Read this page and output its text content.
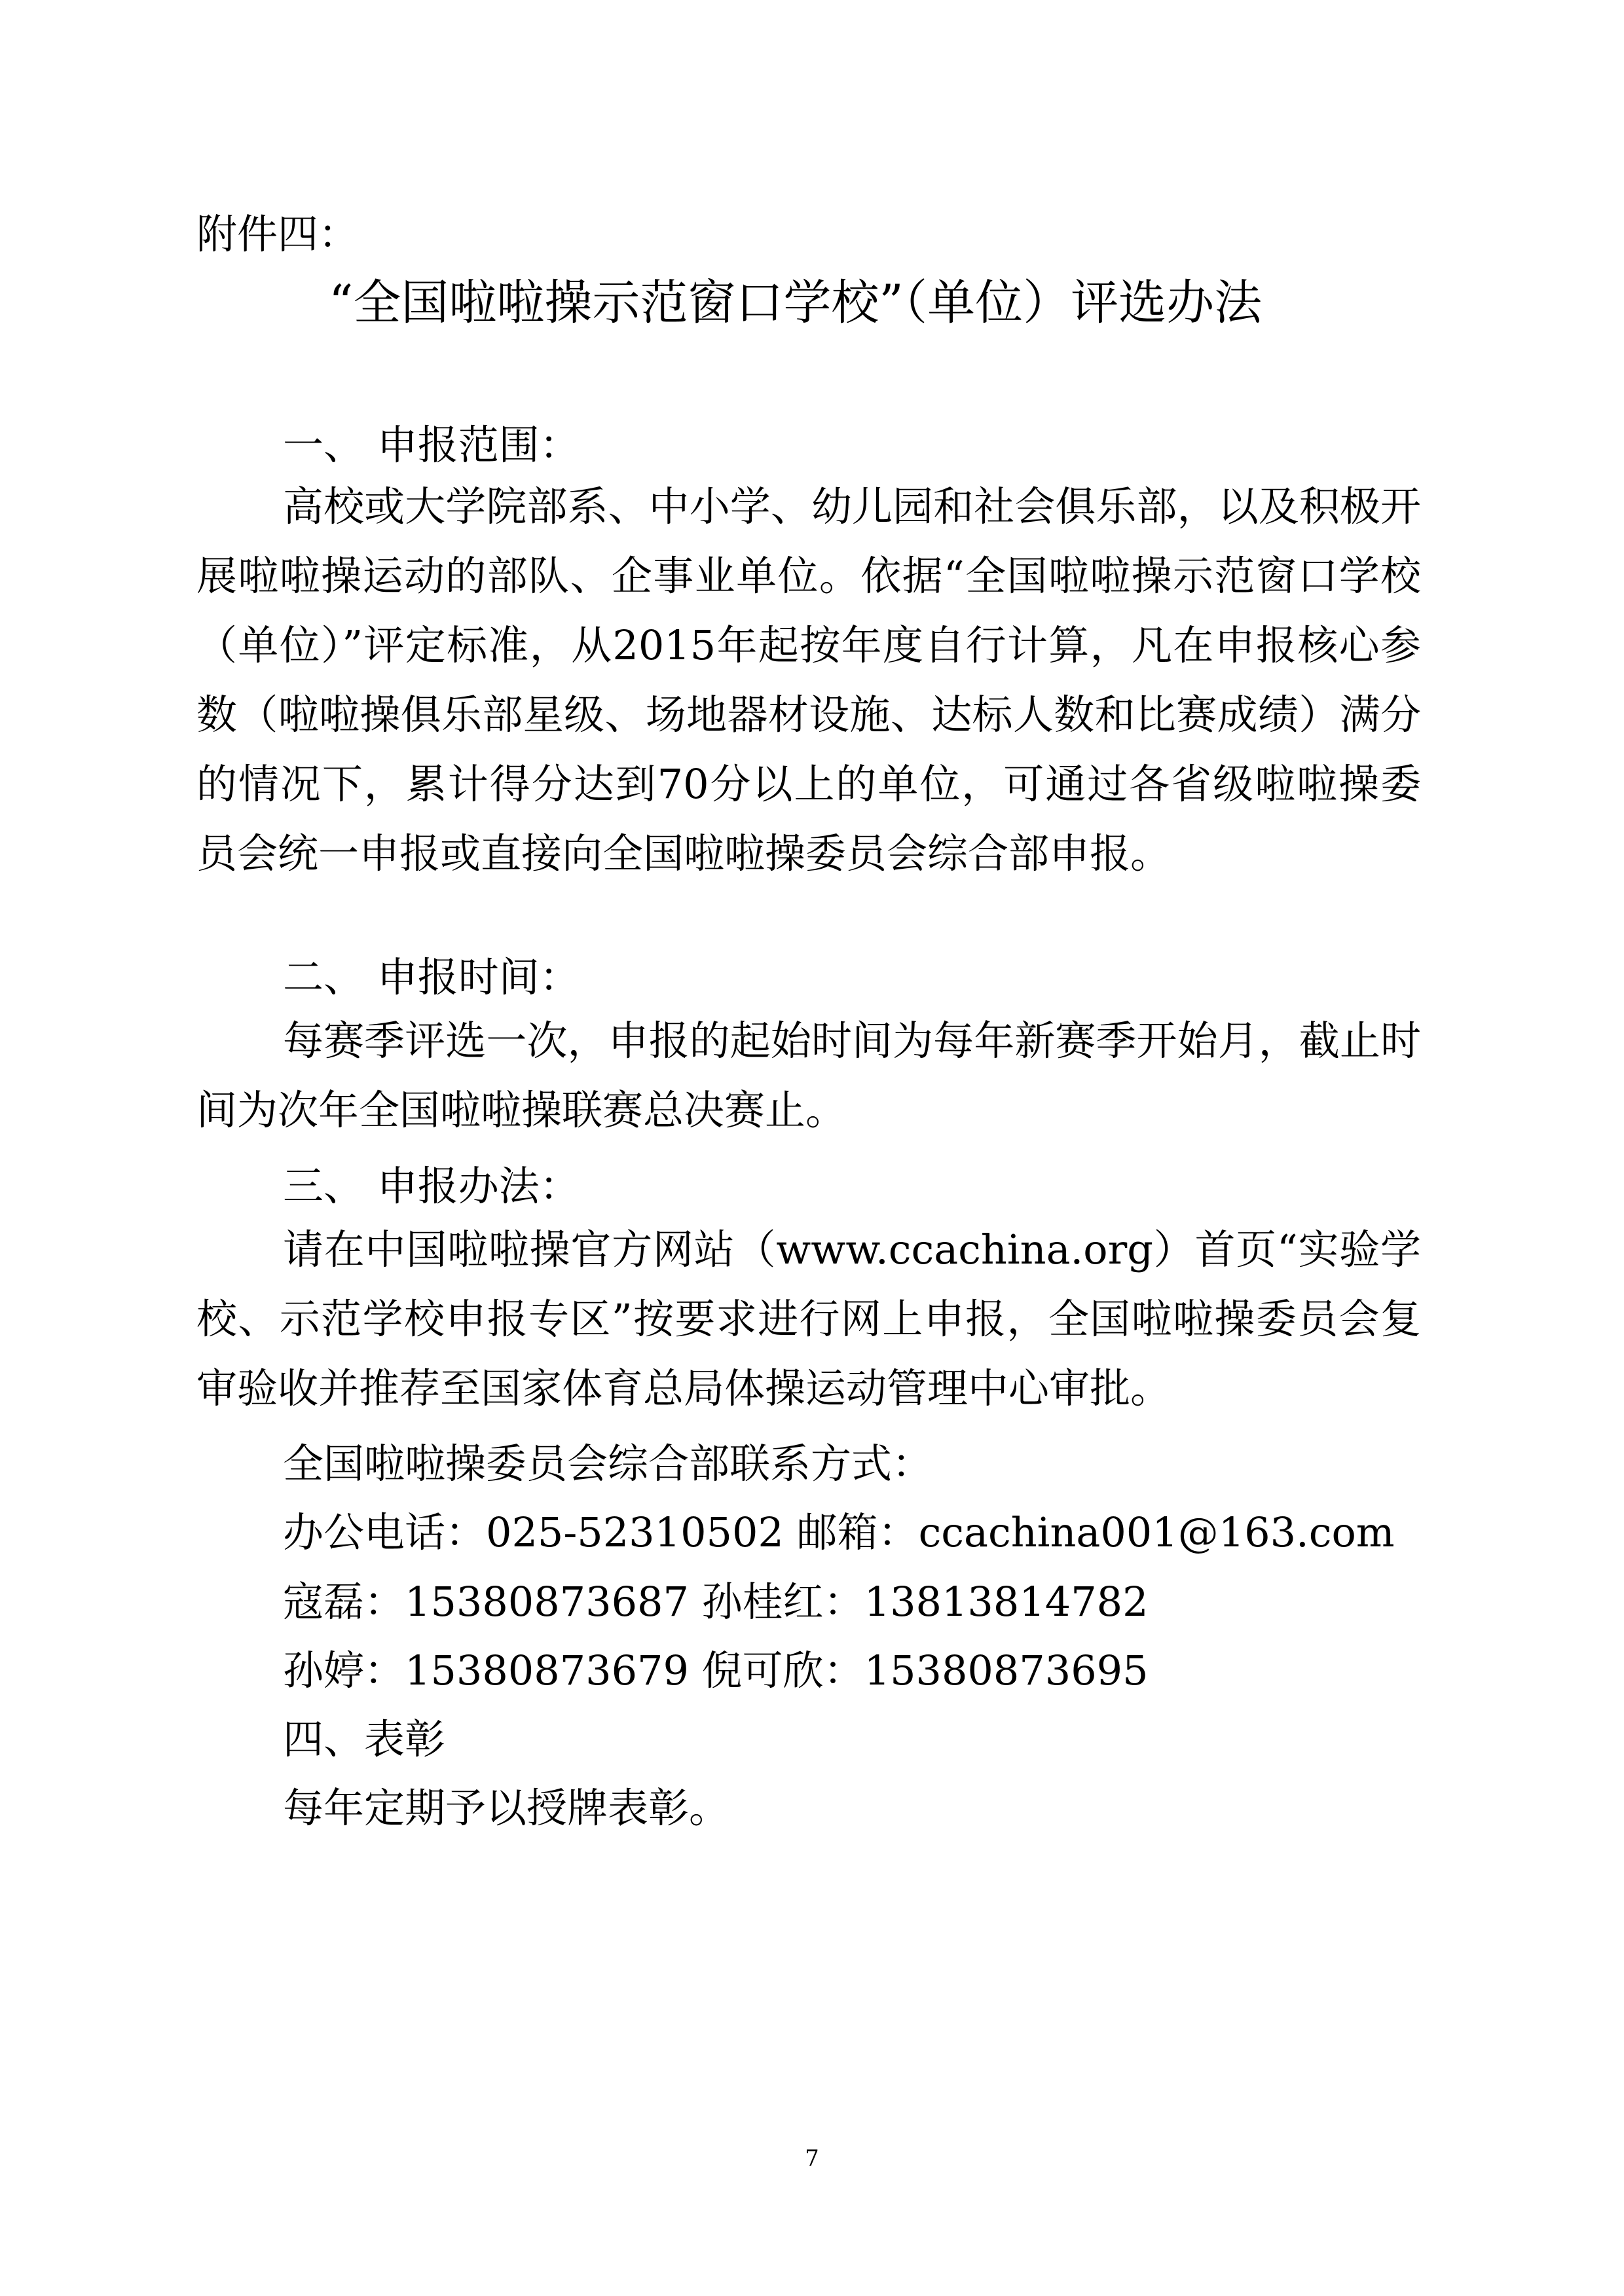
附件四：
“全国啦啦操示范窗口学校”（单位）评选办法
一、 申报范围：
高校或大学院部系、中小学、幼儿园和社会俱乐部，以及积极开展啦啦操运动的部队、企事业单位。依据“全国啦啦操示范窗口学校（单位）”评定标准，从2015年起按年度自行计算，凡在申报核心参数（啦啦操俱乐部星级、场地器材设施、达标人数和比赛成绩）满分的情况下，累计得分达到70分以上的单位，可通过各省级啦啦操委员会统一申报或直接向全国啦啦操委员会综合部申报。
二、 申报时间：
每赛季评选一次，申报的起始时间为每年新赛季开始月，截止时间为次年全国啦啦操联赛总决赛止。
三、 申报办法：
请在中国啦啦操官方网站（www.ccachina.org）首页“实验学校、示范学校申报专区”按要求进行网上申报，全国啦啦操委员会复审验收并推荐至国家体育总局体操运动管理中心审批。
全国啦啦操委员会综合部联系方式：
办公电话：025-52310502 邮箱：ccachina001@163.com
寇磊：15380873687 孙桂红：13813814782
孙婷：15380873679 倪可欣：15380873695
四、表彰
每年定期予以授牌表彰。
7
